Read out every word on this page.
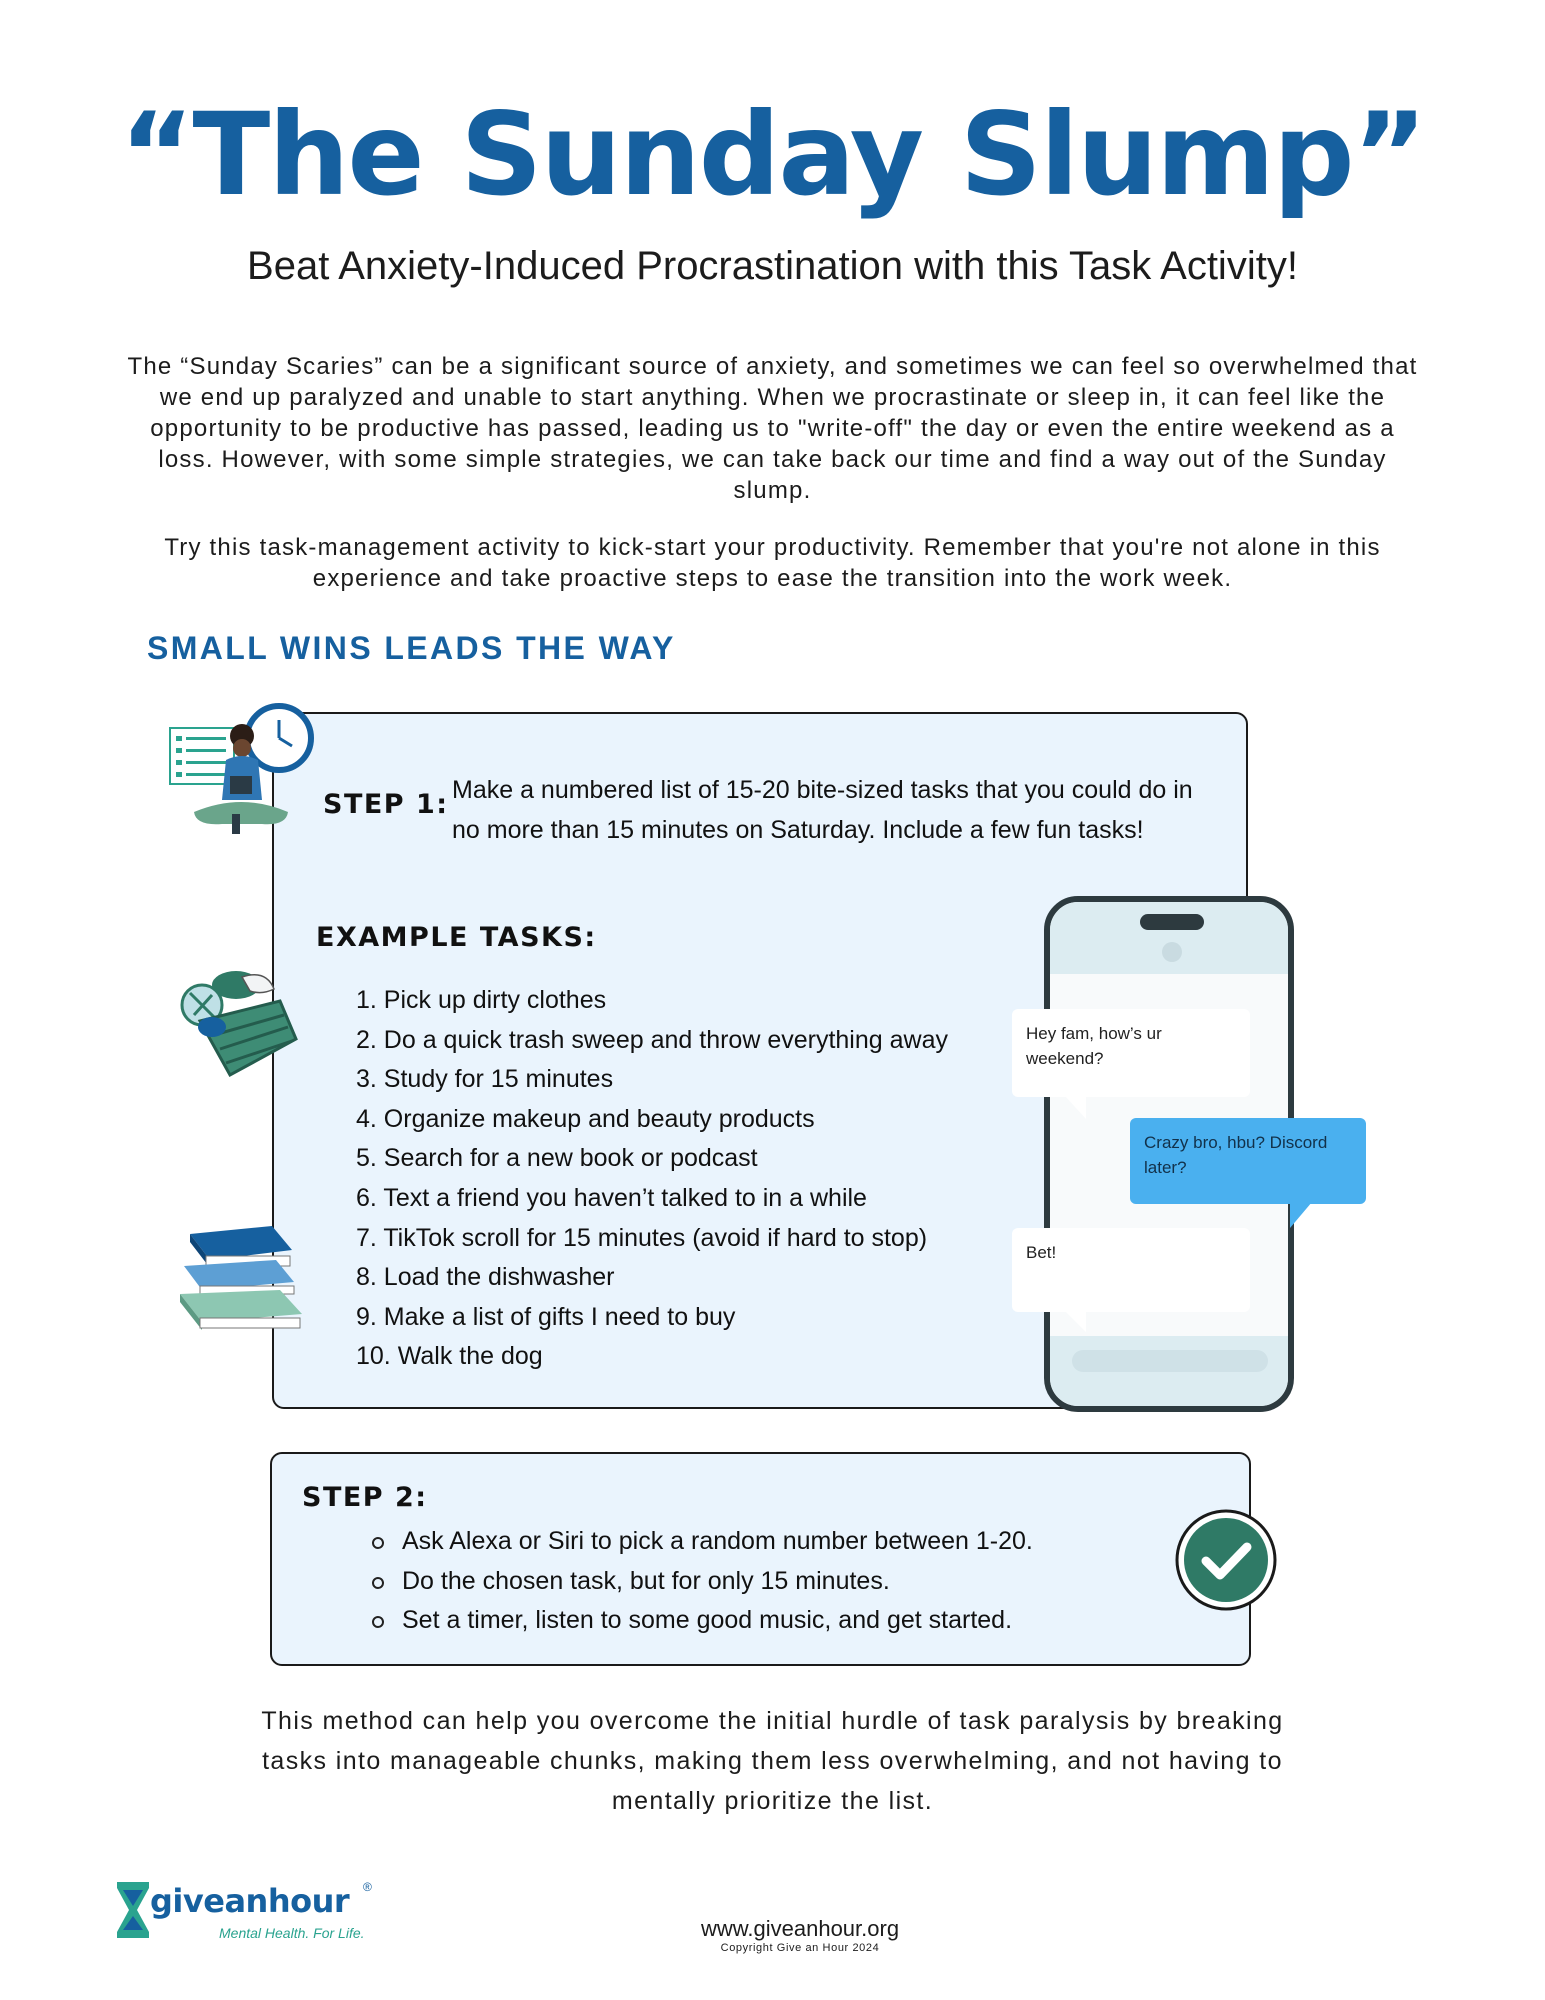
“The Sunday Slump”
Beat Anxiety-Induced Procrastination with this Task Activity!
The “Sunday Scaries” can be a significant source of anxiety, and sometimes we can feel so overwhelmed that we end up paralyzed and unable to start anything. When we procrastinate or sleep in, it can feel like the opportunity to be productive has passed, leading us to "write-off" the day or even the entire weekend as a loss. However, with some simple strategies, we can take back our time and find a way out of the Sunday slump.
Try this task-management activity to kick-start your productivity. Remember that you're not alone in this experience and take proactive steps to ease the transition into the work week.
SMALL WINS LEADS THE WAY
STEP 1: Make a numbered list of 15-20 bite-sized tasks that you could do in no more than 15 minutes on Saturday. Include a few fun tasks!
EXAMPLE TASKS:
1. Pick up dirty clothes
2. Do a quick trash sweep and throw everything away
3. Study for 15 minutes
4. Organize makeup and beauty products
5. Search for a new book or podcast
6. Text a friend you haven’t talked to in a while
7. TikTok scroll for 15 minutes (avoid if hard to stop)
8. Load the dishwasher
9. Make a list of gifts I need to buy
10. Walk the dog
Hey fam, how’s ur weekend?
Crazy bro, hbu? Discord later?
Bet!
STEP 2:
Ask Alexa or Siri to pick a random number between 1-20.
Do the chosen task, but for only 15 minutes.
Set a timer, listen to some good music, and get started.
This method can help you overcome the initial hurdle of task paralysis by breaking tasks into manageable chunks, making them less overwhelming, and not having to mentally prioritize the list.
giveanhour ®
Mental Health. For Life.	www.giveanhour.org
Copyright Give an Hour 2024
